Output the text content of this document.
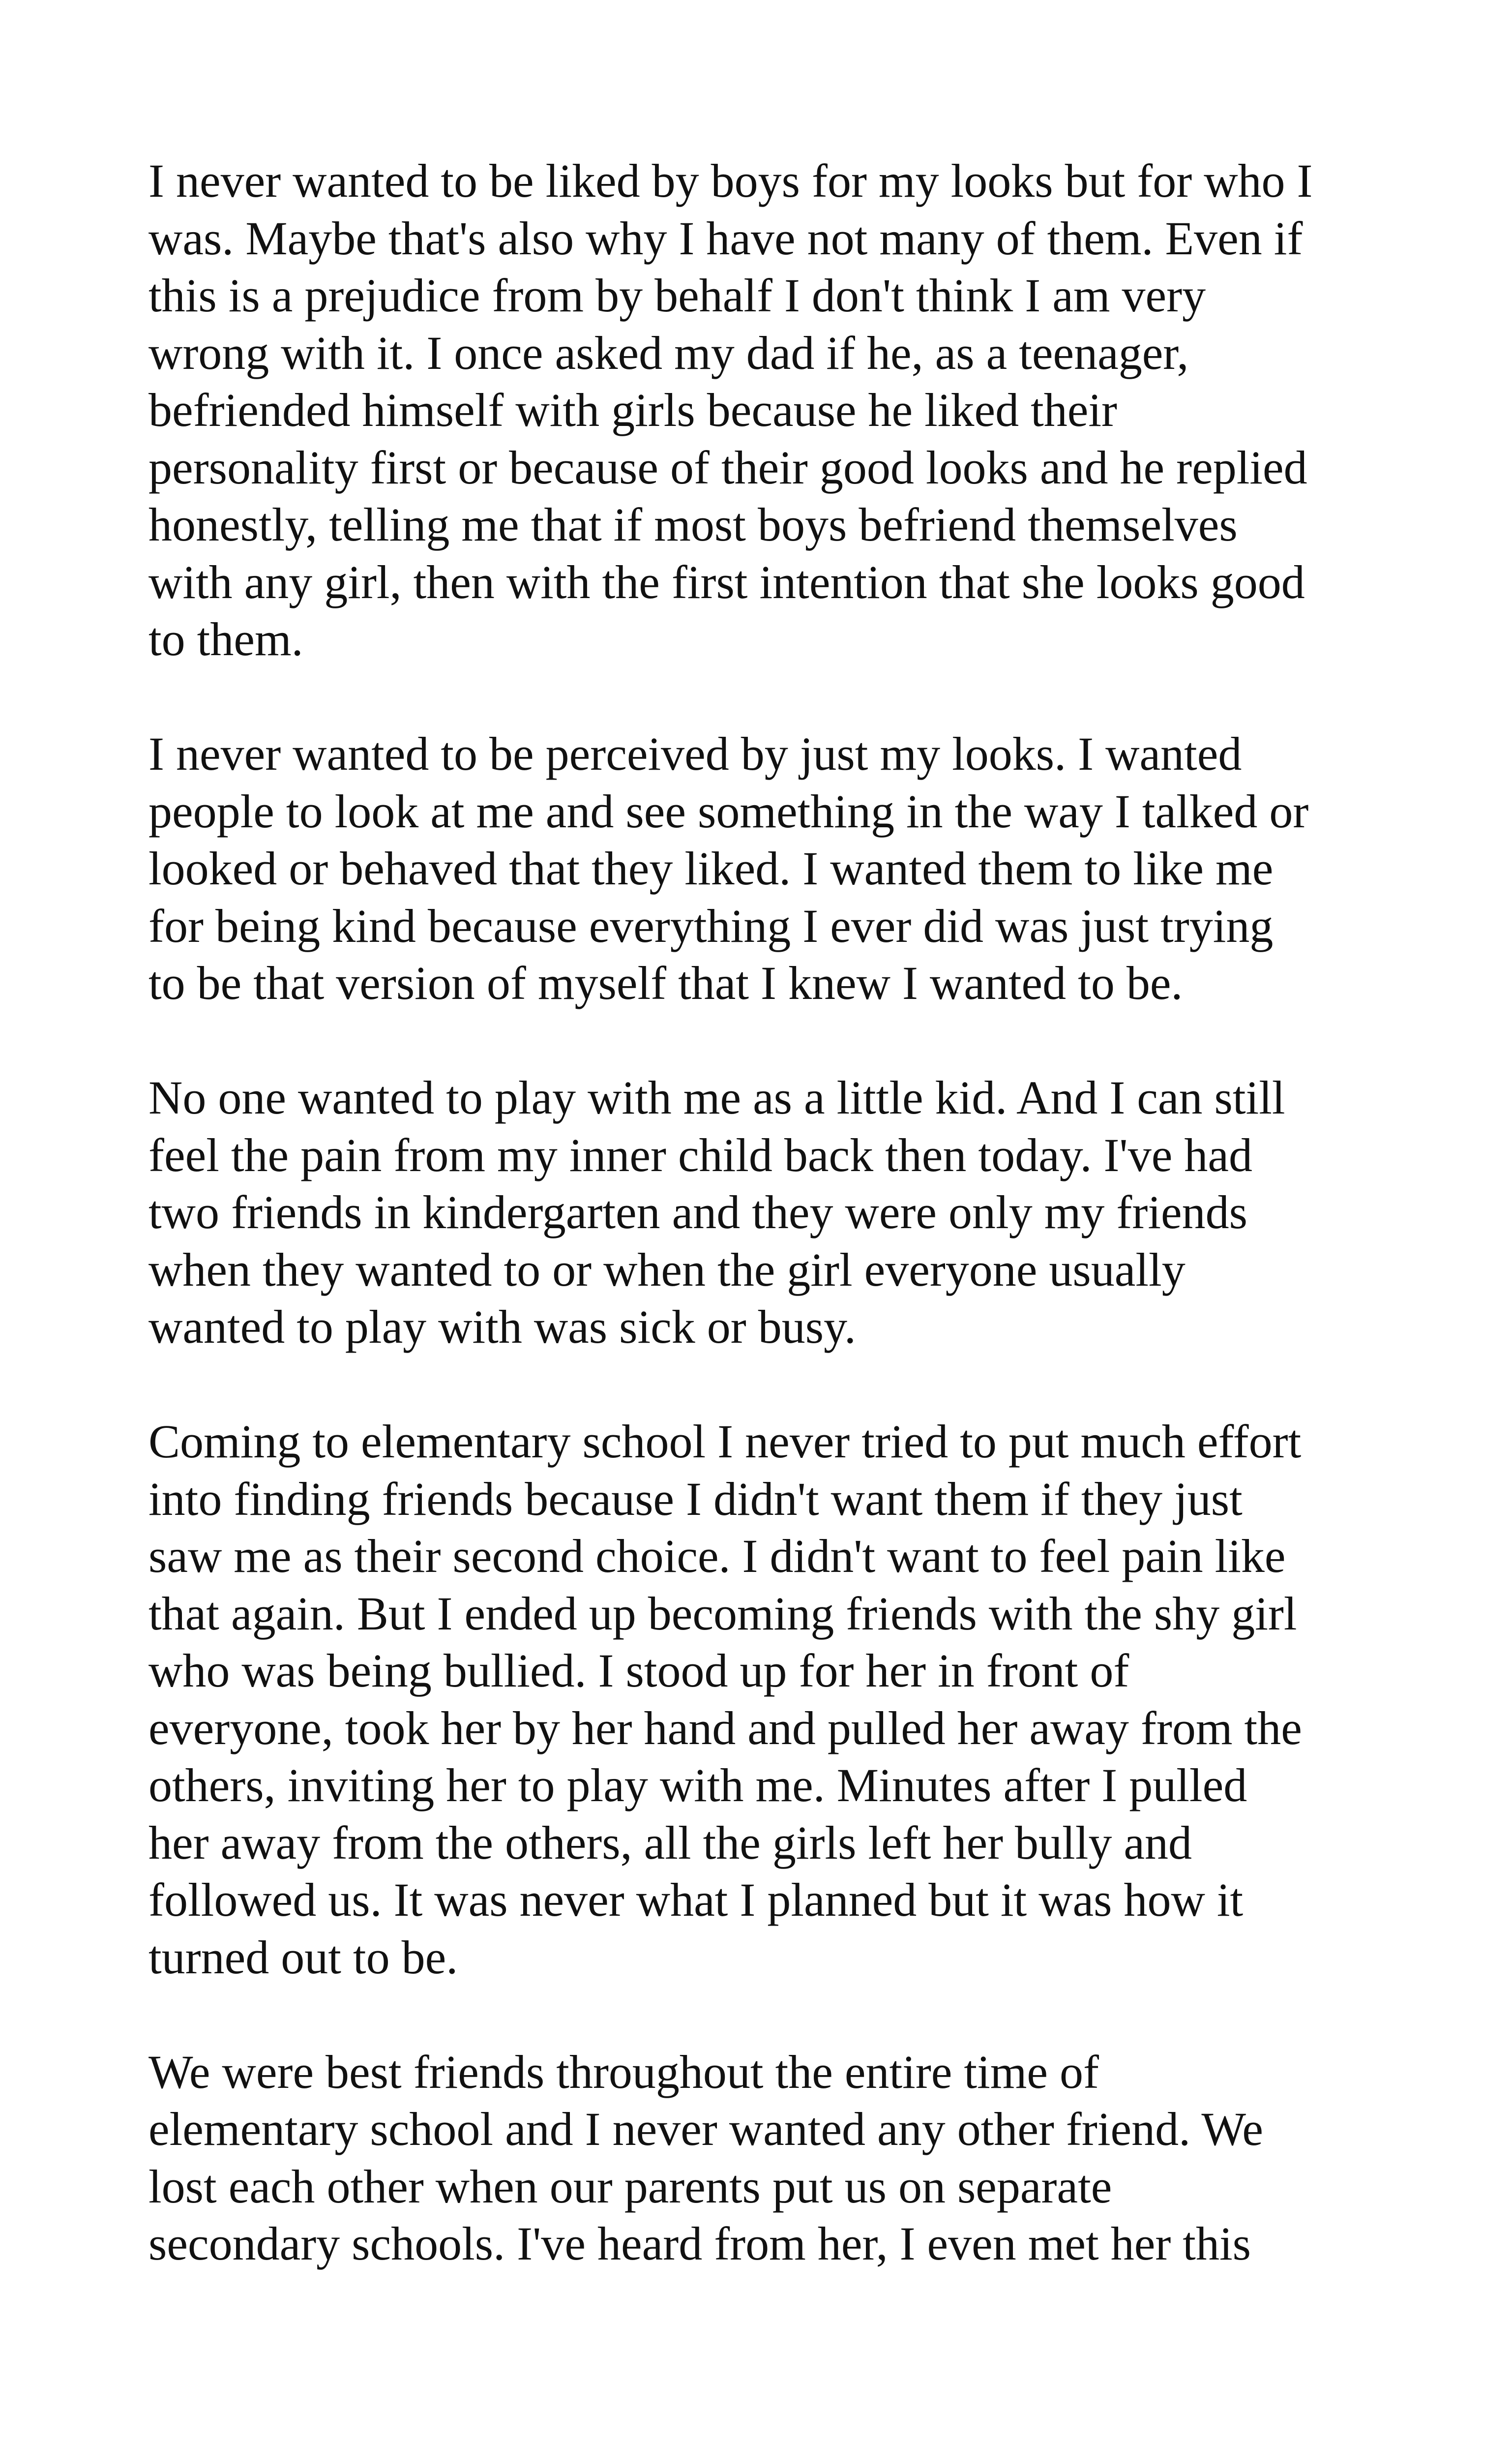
I never wanted to be liked by boys for my looks but for who I
was. Maybe that's also why I have not many of them. Even if
this is a prejudice from by behalf I don't think I am very
wrong with it. I once asked my dad if he, as a teenager,
befriended himself with girls because he liked their
personality first or because of their good looks and he replied
honestly, telling me that if most boys befriend themselves
with any girl, then with the first intention that she looks good
to them.

I never wanted to be perceived by just my looks. I wanted
people to look at me and see something in the way I talked or
looked or behaved that they liked. I wanted them to like me
for being kind because everything I ever did was just trying
to be that version of myself that I knew I wanted to be.

No one wanted to play with me as a little kid. And I can still
feel the pain from my inner child back then today. I've had
two friends in kindergarten and they were only my friends
when they wanted to or when the girl everyone usually
wanted to play with was sick or busy.

Coming to elementary school I never tried to put much effort
into finding friends because I didn't want them if they just
saw me as their second choice. I didn't want to feel pain like
that again. But I ended up becoming friends with the shy girl
who was being bullied. I stood up for her in front of
everyone, took her by her hand and pulled her away from the
others, inviting her to play with me. Minutes after I pulled
her away from the others, all the girls left her bully and
followed us. It was never what I planned but it was how it
turned out to be.

We were best friends throughout the entire time of
elementary school and I never wanted any other friend. We
lost each other when our parents put us on separate
secondary schools. I've heard from her, I even met her this
